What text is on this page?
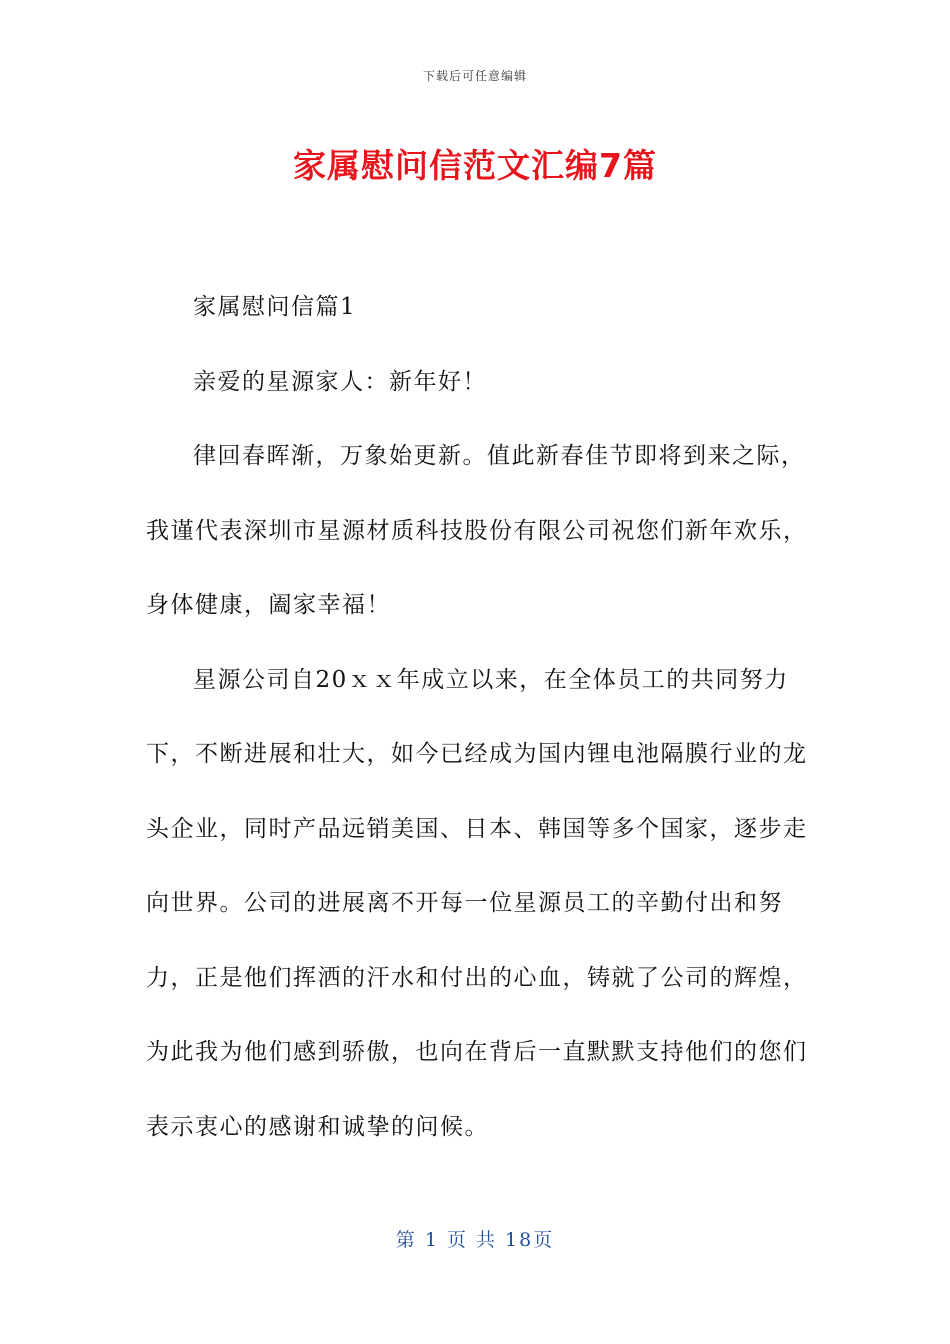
下载后可任意编辑
家属慰问信范文汇编7篇

家属慰问信篇1

亲爱的星源家人：新年好！

律回春晖渐，万象始更新。值此新春佳节即将到来之际，我谨代表深圳市星源材质科技股份有限公司祝您们新年欢乐，身体健康，阖家幸福！

星源公司自20ｘｘ年成立以来，在全体员工的共同努力下，不断进展和壮大，如今已经成为国内锂电池隔膜行业的龙头企业，同时产品远销美国、日本、韩国等多个国家，逐步走向世界。公司的进展离不开每一位星源员工的辛勤付出和努力，正是他们挥洒的汗水和付出的心血，铸就了公司的辉煌，为此我为他们感到骄傲，也向在背后一直默默支持他们的您们表示衷心的感谢和诚挚的问候。

第 1 页 共 18页
